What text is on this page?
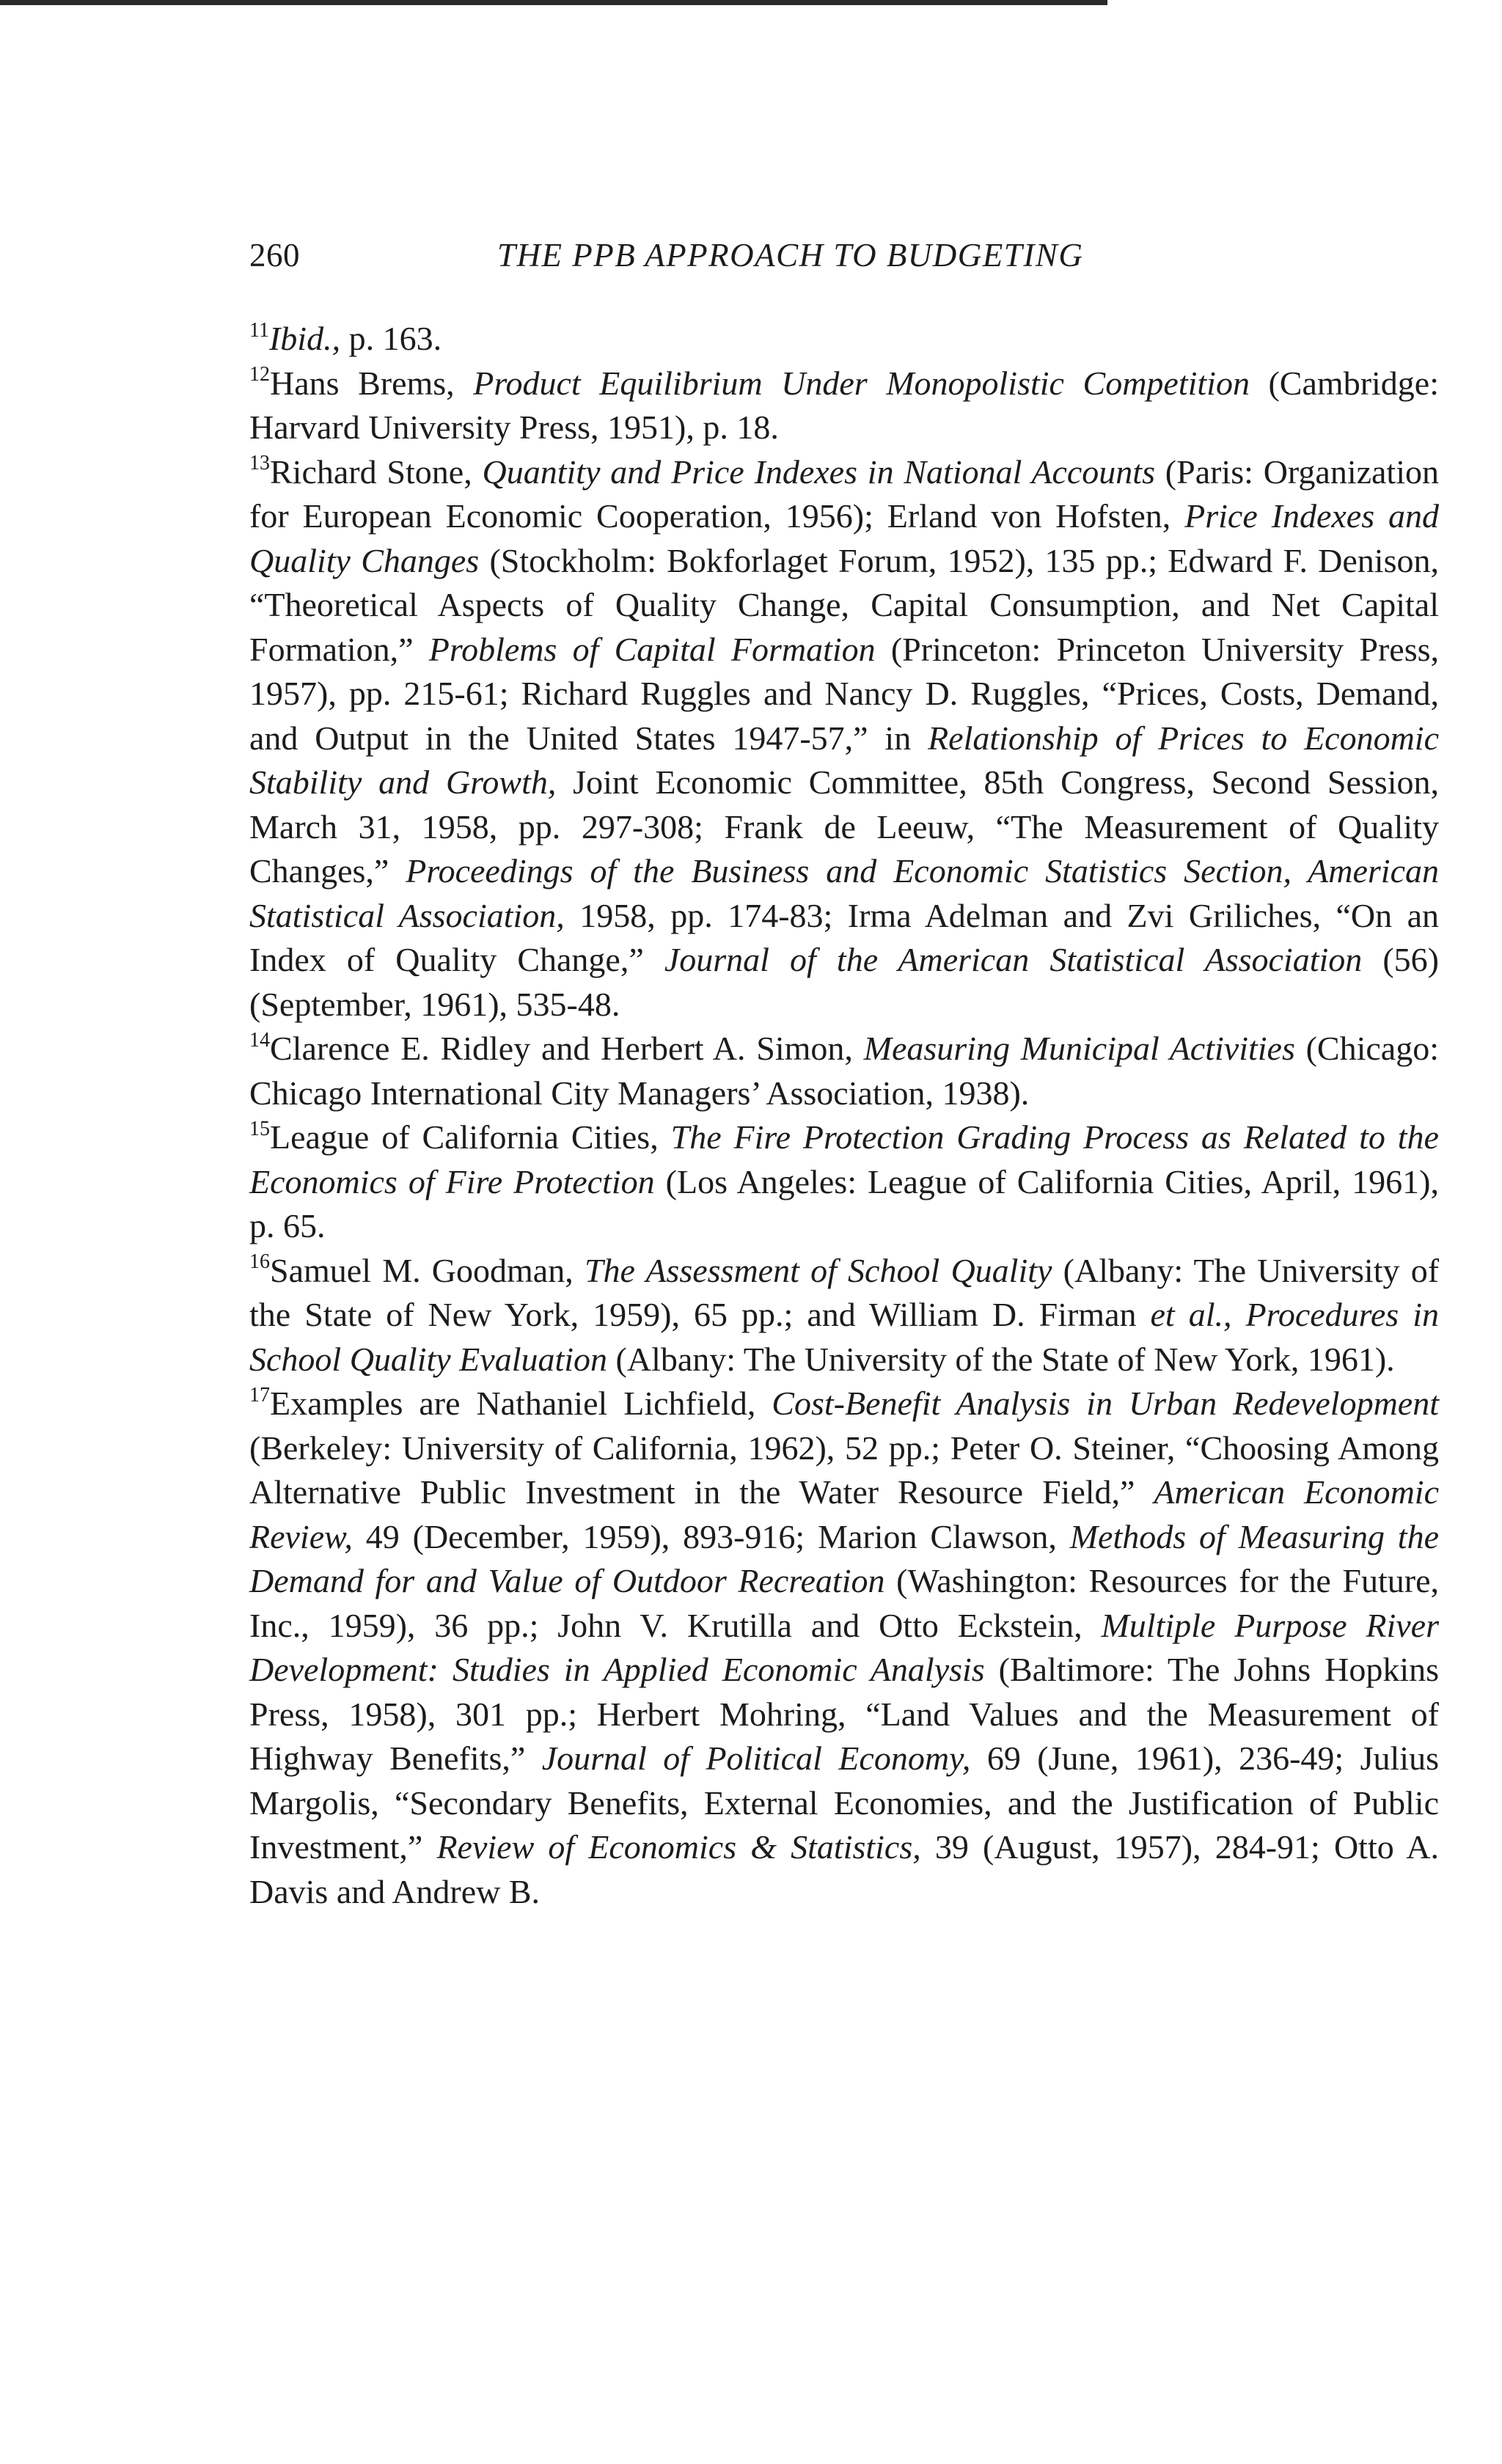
260	THE PPB APPROACH TO BUDGETING

$^{11}$Ibid., p. 163.

$^{12}$Hans Brems, Product Equilibrium Under Monopolistic Competition (Cambridge: Harvard University Press, 1951), p. 18.

$^{13}$Richard Stone, Quantity and Price Indexes in National Accounts (Paris: Organization for European Economic Cooperation, 1956); Erland von Hofsten, Price Indexes and Quality Changes (Stockholm: Bokforlaget Forum, 1952), 135 pp.; Edward F. Denison, “Theoretical Aspects of Quality Change, Capital Consumption, and Net Capital Formation,” Problems of Capital Formation (Princeton: Princeton University Press, 1957), pp. 215-61; Richard Ruggles and Nancy D. Ruggles, “Prices, Costs, Demand, and Output in the United States 1947-57,” in Relationship of Prices to Economic Stability and Growth, Joint Economic Committee, 85th Congress, Second Session, March 31, 1958, pp. 297-308; Frank de Leeuw, “The Measurement of Quality Changes,” Proceedings of the Business and Economic Statistics Section, American Statistical Association, 1958, pp. 174-83; Irma Adelman and Zvi Griliches, “On an Index of Quality Change,” Journal of the American Statistical Association (56) (September, 1961), 535-48.

$^{14}$Clarence E. Ridley and Herbert A. Simon, Measuring Municipal Activities (Chicago: Chicago International City Managers’ Association, 1938).

$^{15}$League of California Cities, The Fire Protection Grading Process as Related to the Economics of Fire Protection (Los Angeles: League of California Cities, April, 1961), p. 65.

$^{16}$Samuel M. Goodman, The Assessment of School Quality (Albany: The University of the State of New York, 1959), 65 pp.; and William D. Firman et al., Procedures in School Quality Evaluation (Albany: The University of the State of New York, 1961).

$^{17}$Examples are Nathaniel Lichfield, Cost-Benefit Analysis in Urban Redevelopment (Berkeley: University of California, 1962), 52 pp.; Peter O. Steiner, “Choosing Among Alternative Public Investment in the Water Resource Field,” American Economic Review, 49 (December, 1959), 893-916; Marion Clawson, Methods of Measuring the Demand for and Value of Outdoor Recreation (Washington: Resources for the Future, Inc., 1959), 36 pp.; John V. Krutilla and Otto Eckstein, Multiple Purpose River Development: Studies in Applied Economic Analysis (Baltimore: The Johns Hopkins Press, 1958), 301 pp.; Herbert Mohring, “Land Values and the Measurement of Highway Benefits,” Journal of Political Economy, 69 (June, 1961), 236-49; Julius Margolis, “Secondary Benefits, External Economies, and the Justification of Public Investment,” Review of Economics & Statistics, 39 (August, 1957), 284-91; Otto A. Davis and Andrew B.
